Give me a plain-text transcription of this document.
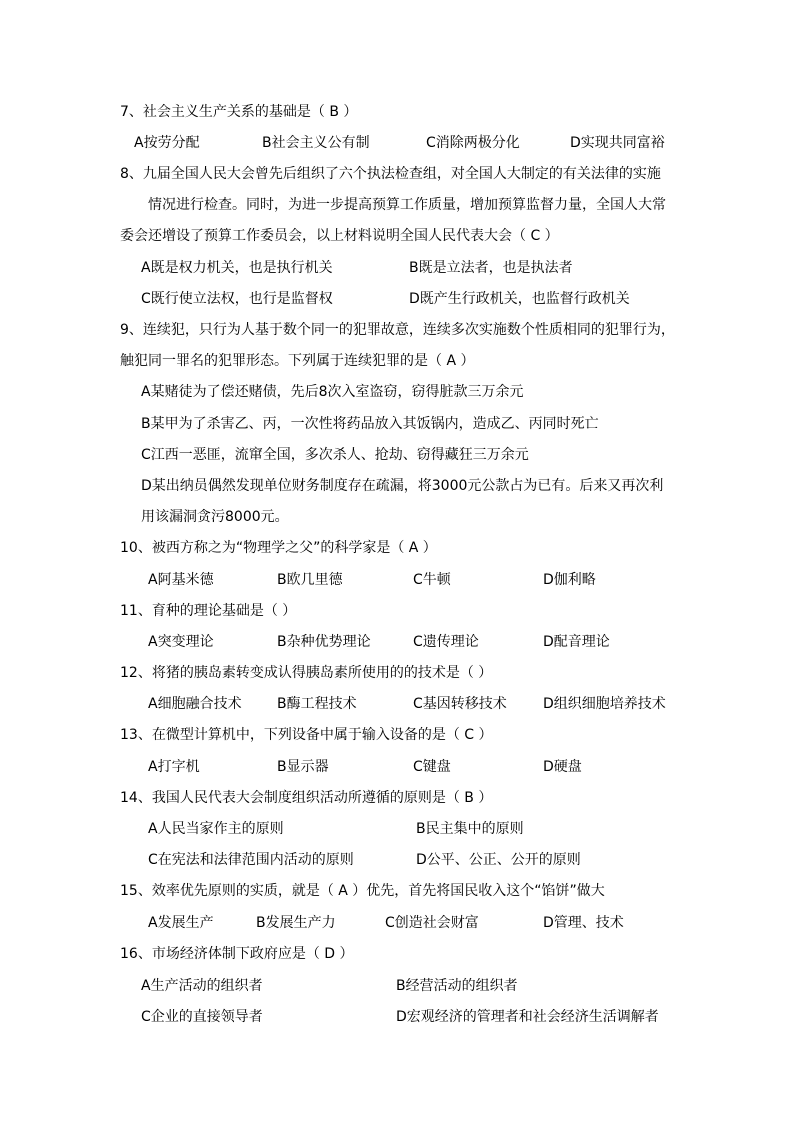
7、社会主义生产关系的基础是（ B ）
A按劳分配	B社会主义公有制	C消除两极分化	D实现共同富裕
8、九届全国人民大会曾先后组织了六个执法检查组，对全国人大制定的有关法律的实施
情况进行检查。同时，为进一步提高预算工作质量，增加预算监督力量，全国人大常
委会还增设了预算工作委员会，以上材料说明全国人民代表大会（ C ）
A既是权力机关，也是执行机关	B既是立法者，也是执法者
C既行使立法权，也行是监督权	D既产生行政机关，也监督行政机关
9、连续犯，只行为人基于数个同一的犯罪故意，连续多次实施数个性质相同的犯罪行为，
触犯同一罪名的犯罪形态。下列属于连续犯罪的是（ A ）
A某赌徒为了偿还赌债，先后8次入室盗窃，窃得脏款三万余元
B某甲为了杀害乙、丙，一次性将药品放入其饭锅内，造成乙、丙同时死亡
C江西一恶匪，流窜全国，多次杀人、抢劫、窃得藏狂三万余元
D某出纳员偶然发现单位财务制度存在疏漏，将3000元公款占为已有。后来又再次利
用该漏洞贪污8000元。
10、被西方称之为“物理学之父”的科学家是（ A ）
A阿基米德	B欧几里德	C牛顿	D伽利略
11、育种的理论基础是（ ）
A突变理论	B杂种优势理论	C遗传理论	D配音理论
12、将猪的胰岛素转变成认得胰岛素所使用的的技术是（ ）
A细胞融合技术	B酶工程技术	C基因转移技术	D组织细胞培养技术
13、在微型计算机中，下列设备中属于输入设备的是（ C ）
A打字机	B显示器	C键盘	D硬盘
14、我国人民代表大会制度组织活动所遵循的原则是（ B ）
A人民当家作主的原则	B民主集中的原则
C在宪法和法律范围内活动的原则	D公平、公正、公开的原则
15、效率优先原则的实质，就是（ A ）优先，首先将国民收入这个“馅饼”做大
A发展生产	B发展生产力	C创造社会财富	D管理、技术
16、市场经济体制下政府应是（ D ）
A生产活动的组织者	B经营活动的组织者
C企业的直接领导者	D宏观经济的管理者和社会经济生活调解者
